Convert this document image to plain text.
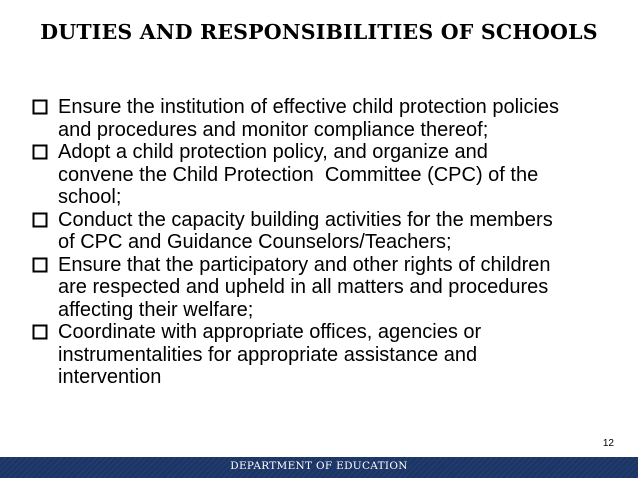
DUTIES AND RESPONSIBILITIES OF SCHOOLS
Ensure the institution of effective child protection policies
and procedures and monitor compliance thereof;
Adopt a child protection policy, and organize and
convene the Child Protection  Committee (CPC) of the
school;
Conduct the capacity building activities for the members
of CPC and Guidance Counselors/Teachers;
Ensure that the participatory and other rights of children
are respected and upheld in all matters and procedures
affecting their welfare;
Coordinate with appropriate offices, agencies or
instrumentalities for appropriate assistance and
intervention
12
DEPARTMENT OF EDUCATION
